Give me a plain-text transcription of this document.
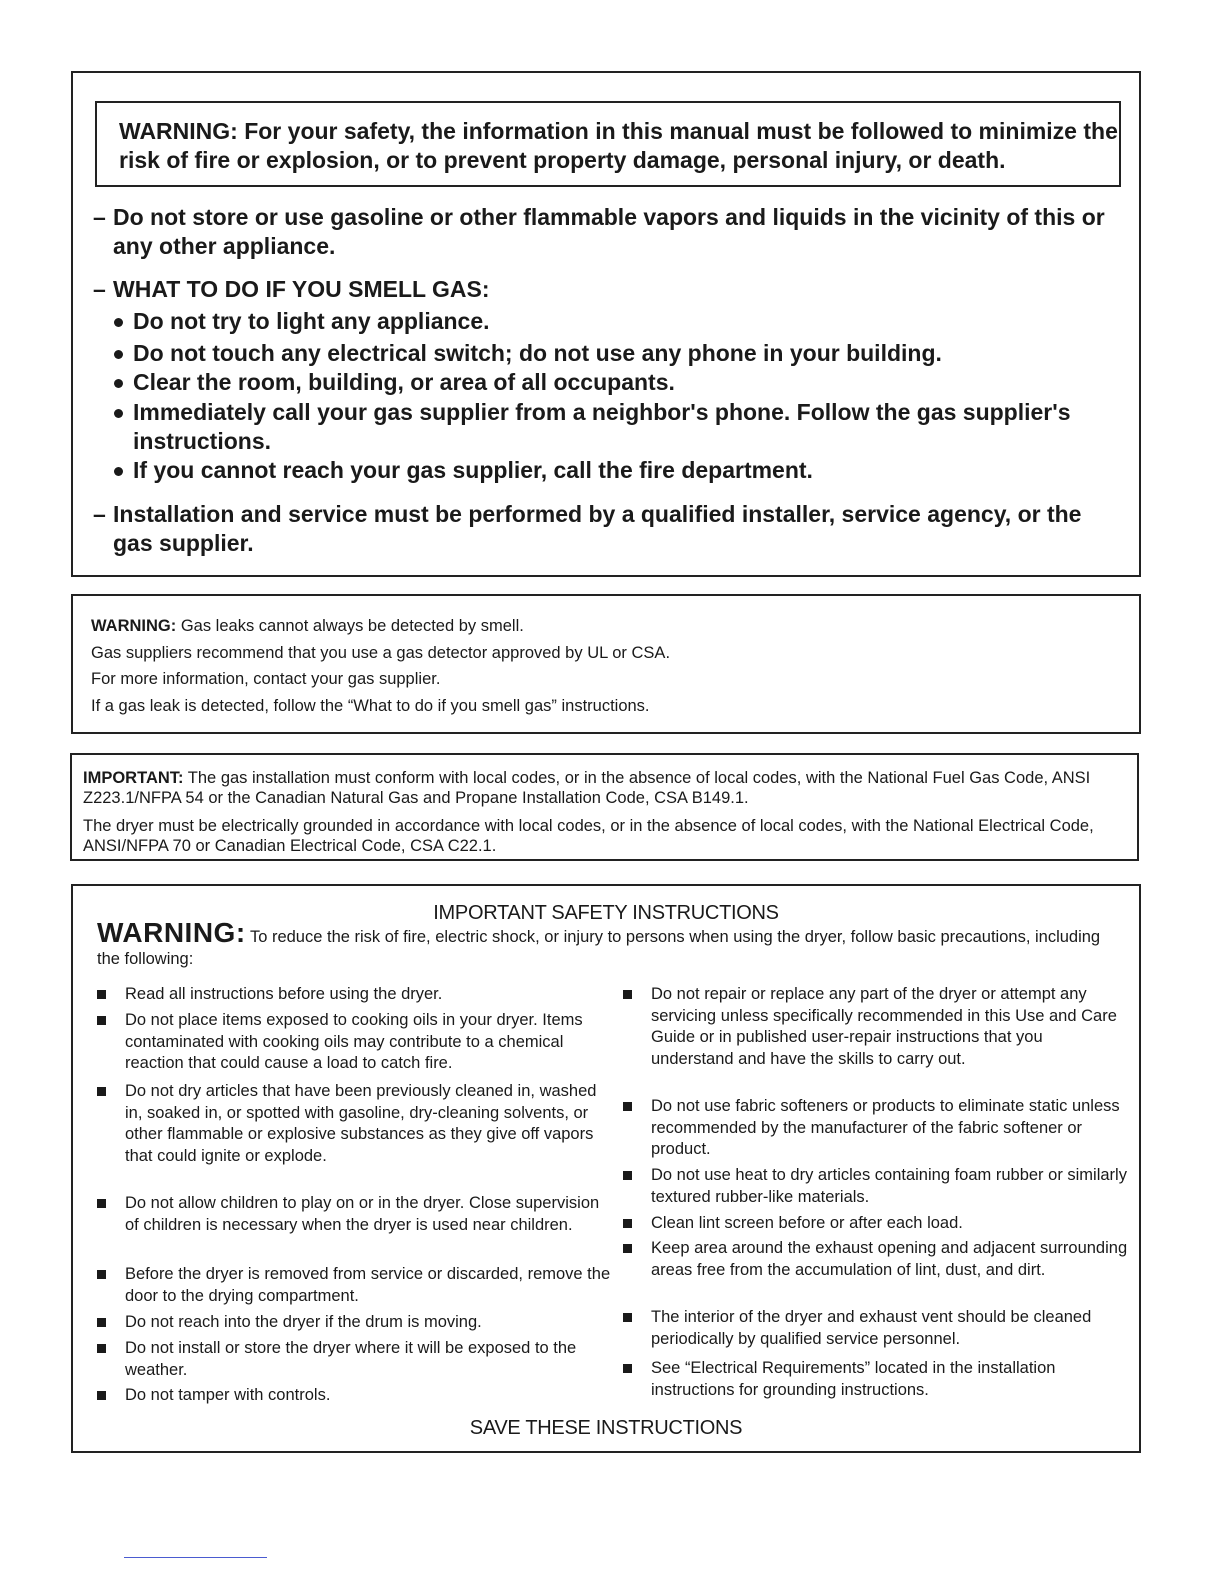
WARNING: For your safety, the information in this manual must be followed to minimize the risk of fire or explosion, or to prevent property damage, personal injury, or death.

– Do not store or use gasoline or other flammable vapors and liquids in the vicinity of this or any other appliance.
– WHAT TO DO IF YOU SMELL GAS:
Do not try to light any appliance.
Do not touch any electrical switch; do not use any phone in your building.
Clear the room, building, or area of all occupants.
Immediately call your gas supplier from a neighbor's phone. Follow the gas supplier's instructions.
If you cannot reach your gas supplier, call the fire department.
– Installation and service must be performed by a qualified installer, service agency, or the gas supplier.

WARNING: Gas leaks cannot always be detected by smell.

Gas suppliers recommend that you use a gas detector approved by UL or CSA.

For more information, contact your gas supplier.

If a gas leak is detected, follow the “What to do if you smell gas” instructions.

IMPORTANT: The gas installation must conform with local codes, or in the absence of local codes, with the National Fuel Gas Code, ANSI Z223.1/NFPA 54 or the Canadian Natural Gas and Propane Installation Code, CSA B149.1.

The dryer must be electrically grounded in accordance with local codes, or in the absence of local codes, with the National Electrical Code, ANSI/NFPA 70 or Canadian Electrical Code, CSA C22.1.

IMPORTANT SAFETY INSTRUCTIONS
WARNING: To reduce the risk of fire, electric shock, or injury to persons when using the dryer, follow basic precautions, including the following:
Read all instructions before using the dryer.
Do not place items exposed to cooking oils in your dryer. Items contaminated with cooking oils may contribute to a chemical reaction that could cause a load to catch fire.
Do not dry articles that have been previously cleaned in, washed in, soaked in, or spotted with gasoline, dry-cleaning solvents, or other flammable or explosive substances as they give off vapors that could ignite or explode.
Do not allow children to play on or in the dryer. Close supervision of children is necessary when the dryer is used near children.
Before the dryer is removed from service or discarded, remove the door to the drying compartment.
Do not reach into the dryer if the drum is moving.
Do not install or store the dryer where it will be exposed to the weather.
Do not tamper with controls.
Do not repair or replace any part of the dryer or attempt any servicing unless specifically recommended in this Use and Care Guide or in published user-repair instructions that you understand and have the skills to carry out.
Do not use fabric softeners or products to eliminate static unless recommended by the manufacturer of the fabric softener or product.
Do not use heat to dry articles containing foam rubber or similarly textured rubber-like materials.
Clean lint screen before or after each load.
Keep area around the exhaust opening and adjacent surrounding areas free from the accumulation of lint, dust, and dirt.
The interior of the dryer and exhaust vent should be cleaned periodically by qualified service personnel.
See “Electrical Requirements” located in the installation instructions for grounding instructions.
SAVE THESE INSTRUCTIONS
